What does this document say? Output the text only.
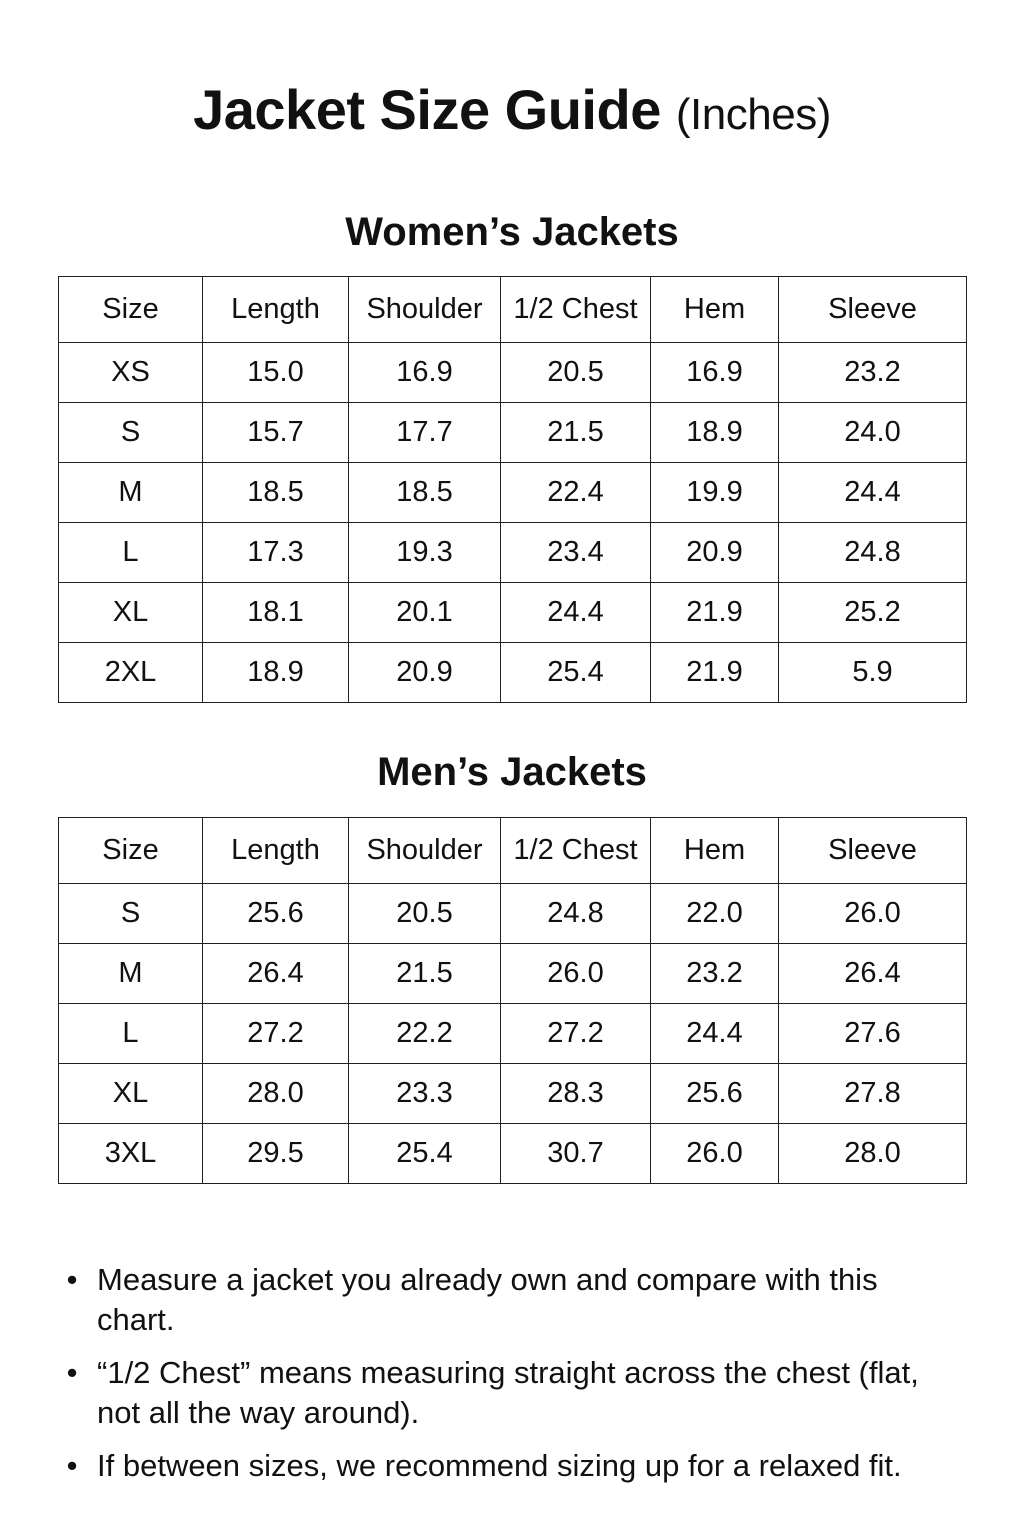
Jacket Size Guide (Inches)
Women’s Jackets
Size	Length	Shoulder	1/2 Chest	Hem	Sleeve
XS	15.0	16.9	20.5	16.9	23.2
S	15.7	17.7	21.5	18.9	24.0
M	18.5	18.5	22.4	19.9	24.4
L	17.3	19.3	23.4	20.9	24.8
XL	18.1	20.1	24.4	21.9	25.2
2XL	18.9	20.9	25.4	21.9	5.9
Men’s Jackets
Size	Length	Shoulder	1/2 Chest	Hem	Sleeve
S	25.6	20.5	24.8	22.0	26.0
M	26.4	21.5	26.0	23.2	26.4
L	27.2	22.2	27.2	24.4	27.6
XL	28.0	23.3	28.3	25.6	27.8
3XL	29.5	25.4	30.7	26.0	28.0
• Measure a jacket you already own and compare with this chart.
• “1/2 Chest” means measuring straight across the chest (flat, not all the way around).
• If between sizes, we recommend sizing up for a relaxed fit.
